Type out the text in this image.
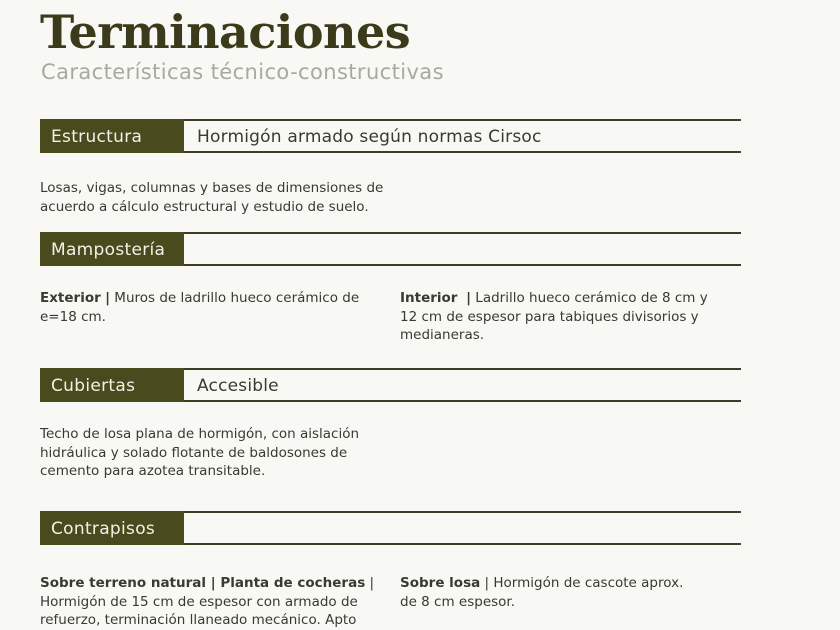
Terminaciones

Características técnico-constructivas

Estructura	Hormigón armado según normas Cirsoc

Losas, vigas, columnas y bases de dimensiones de acuerdo a cálculo estructural y estudio de suelo.

Mampostería

Exterior | Muros de ladrillo hueco cerámico de e=18 cm.

Interior | Ladrillo hueco cerámico de 8 cm y 12 cm de espesor para tabiques divisorios y medianeras.

Cubiertas	Accesible

Techo de losa plana de hormigón, con aislación hidráulica y solado flotante de baldosones de cemento para azotea transitable.

Contrapisos

Sobre terreno natural | Planta de cocheras | Hormigón de 15 cm de espesor con armado de refuerzo, terminación llaneado mecánico. Apto

Sobre losa | Hormigón de cascote aprox. de 8 cm espesor.
